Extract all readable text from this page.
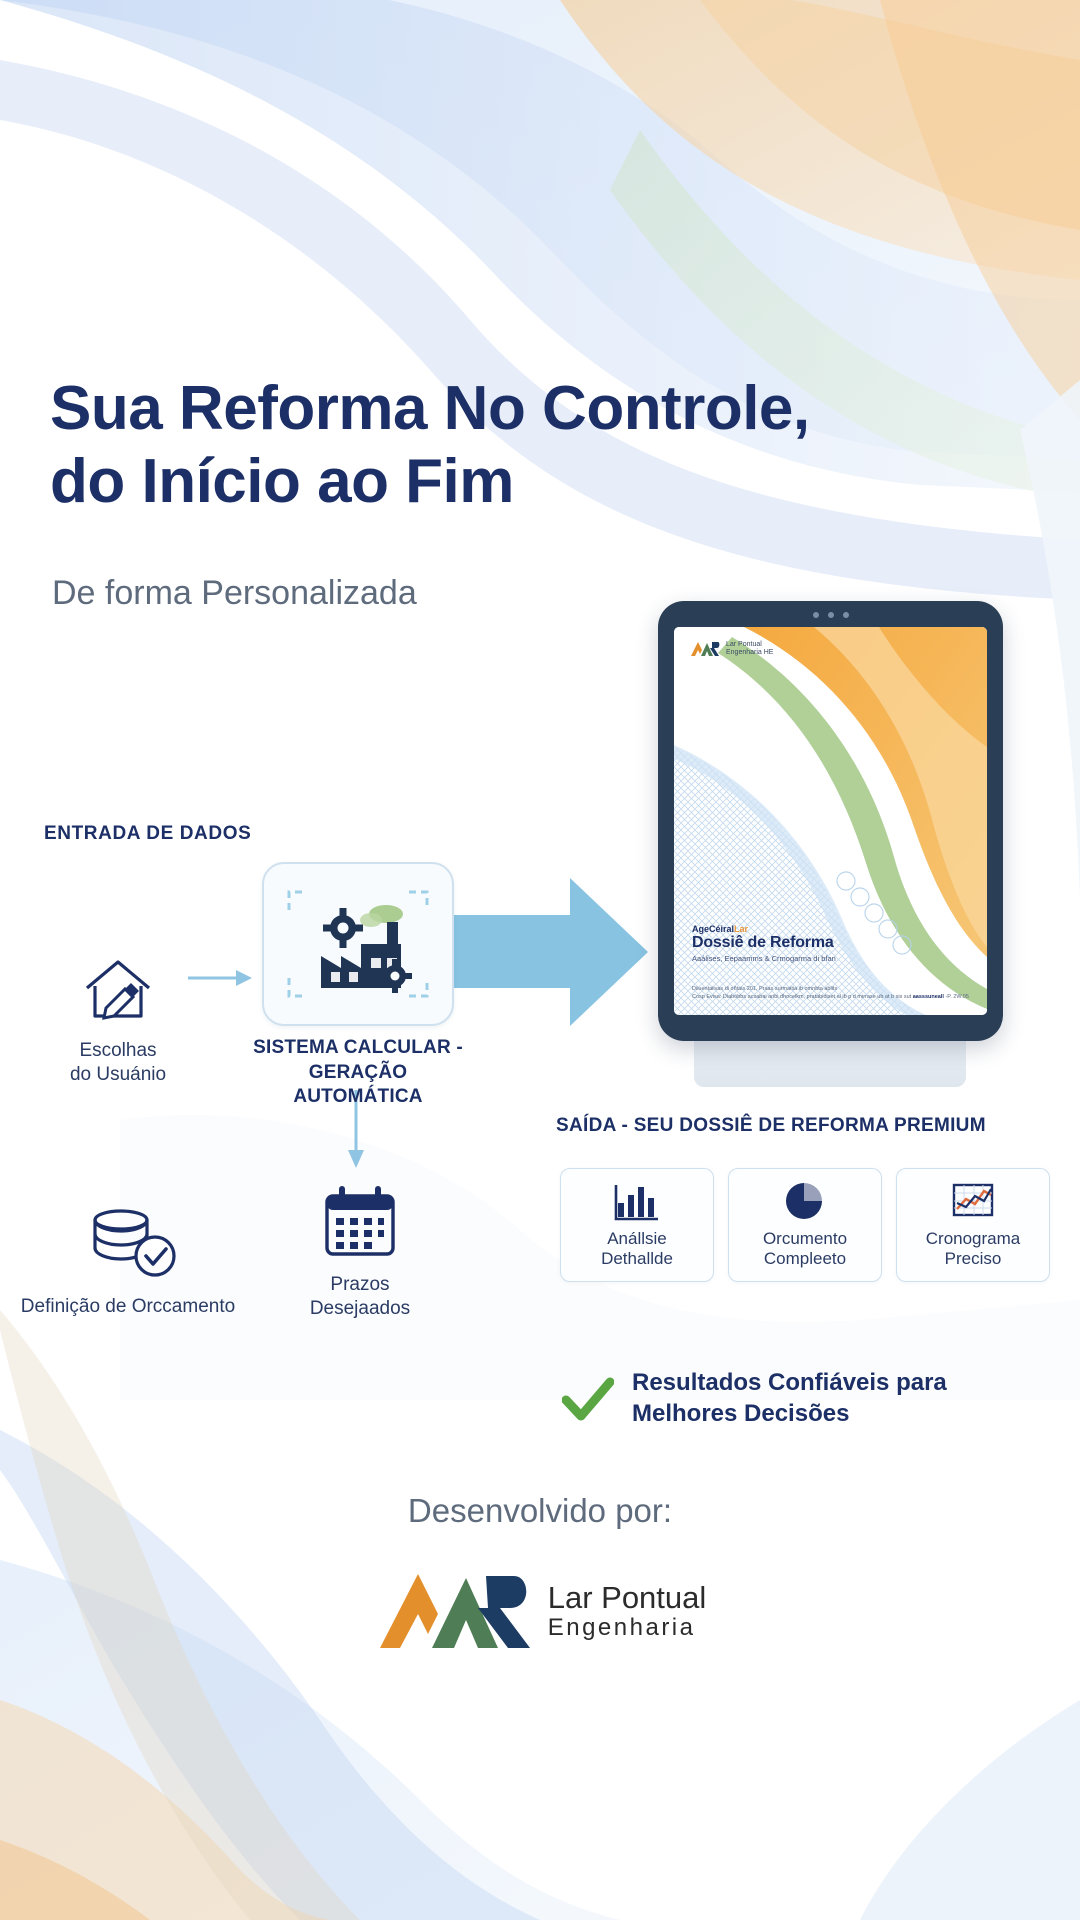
Sua Reforma No Controle,
do Início ao Fim
De forma Personalizada
ENTRADA DE DADOS
SAÍDA - SEU DOSSIÊ DE REFORMA PREMIUM
Escolhas
do Usuánio
SISTEMA CALCULAR -
GERAÇÃO AUTOMÁTICA
Definição de Orccamento
Prazos
Desejaados
Lar Pontual
Engenharia HE
AgeCéiralLar
Dossiê de Reforma
Aaálises, Eepaamms & Crmogarma di bfan
Diiuentaiivas di oñtais 201, Praas surmaitia ib omnbta ablits
Cosp Evisa: Diabóbbs acsabai aribi dhocelkm, pratabidiset al ib p d mirrase ub at b sis sut aasssuneall -P. 2W.05
Anállsie
Dethallde
Orcumento
Compleeto
Cronograma
Preciso
Resultados Confiáveis para
Melhores Decisões
Desenvolvido por:
Lar Pontual
Engenharia
